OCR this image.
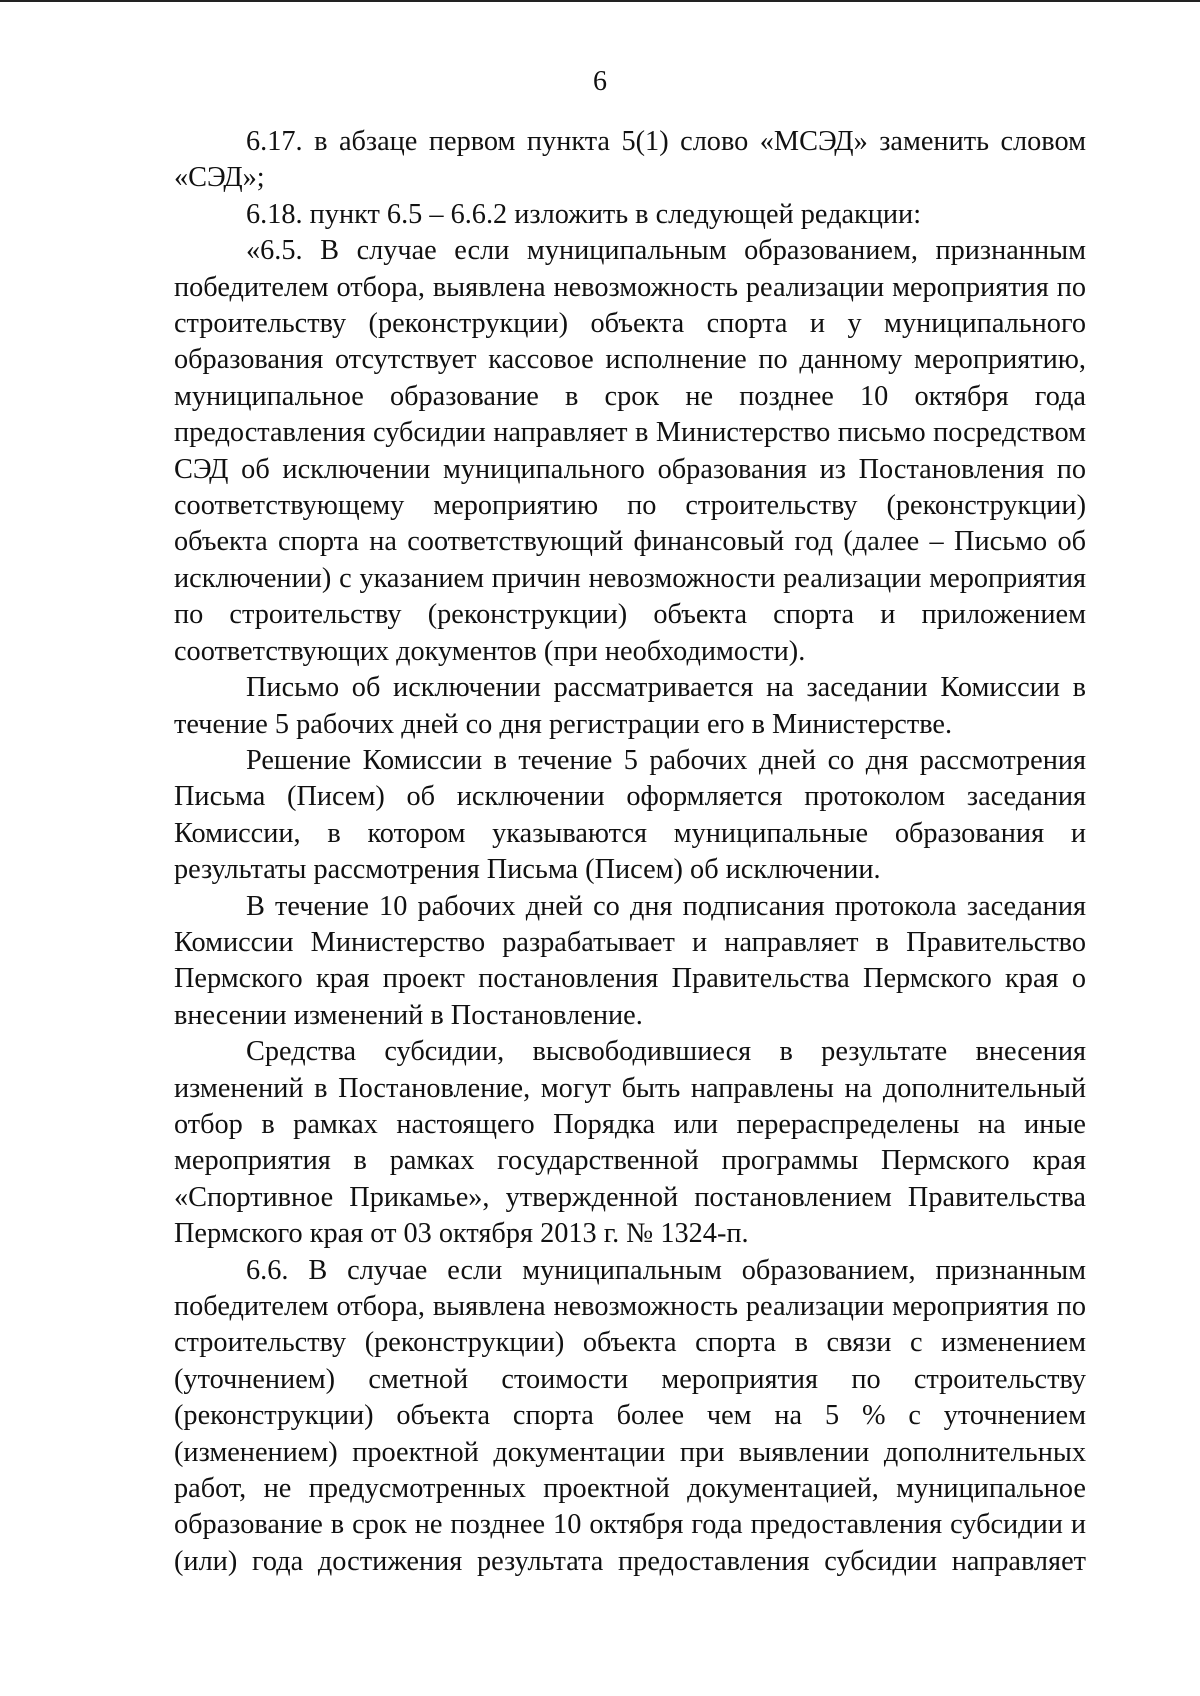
6

6.17. в абзаце первом пункта 5(1) слово «МСЭД» заменить словом «СЭД»;

6.18. пункт 6.5 – 6.6.2 изложить в следующей редакции:

«6.5. В случае если муниципальным образованием, признанным победителем отбора, выявлена невозможность реализации мероприятия по строительству (реконструкции) объекта спорта и у муниципального образования отсутствует кассовое исполнение по данному мероприятию, муниципальное образование в срок не позднее 10 октября года предоставления субсидии направляет в Министерство письмо посредством СЭД об исключении муниципального образования из Постановления по соответствующему мероприятию по строительству (реконструкции) объекта спорта на соответствующий финансовый год (далее – Письмо об исключении) с указанием причин невозможности реализации мероприятия по строительству (реконструкции) объекта спорта и приложением соответствующих документов (при необходимости).

Письмо об исключении рассматривается на заседании Комиссии в течение 5 рабочих дней со дня регистрации его в Министерстве.

Решение Комиссии в течение 5 рабочих дней со дня рассмотрения Письма (Писем) об исключении оформляется протоколом заседания Комиссии, в котором указываются муниципальные образования и результаты рассмотрения Письма (Писем) об исключении.

В течение 10 рабочих дней со дня подписания протокола заседания Комиссии Министерство разрабатывает и направляет в Правительство Пермского края проект постановления Правительства Пермского края о внесении изменений в Постановление.

Средства субсидии, высвободившиеся в результате внесения изменений в Постановление, могут быть направлены на дополнительный отбор в рамках настоящего Порядка или перераспределены на иные мероприятия в рамках государственной программы Пермского края «Спортивное Прикамье», утвержденной постановлением Правительства Пермского края от 03 октября 2013 г. № 1324-п.

6.6. В случае если муниципальным образованием, признанным победителем отбора, выявлена невозможность реализации мероприятия по строительству (реконструкции) объекта спорта в связи с изменением (уточнением) сметной стоимости мероприятия по строительству (реконструкции) объекта спорта более чем на 5 % с уточнением (изменением) проектной документации при выявлении дополнительных работ, не предусмотренных проектной документацией, муниципальное образование в срок не позднее 10 октября года предоставления субсидии и (или) года достижения результата предоставления субсидии направляет
